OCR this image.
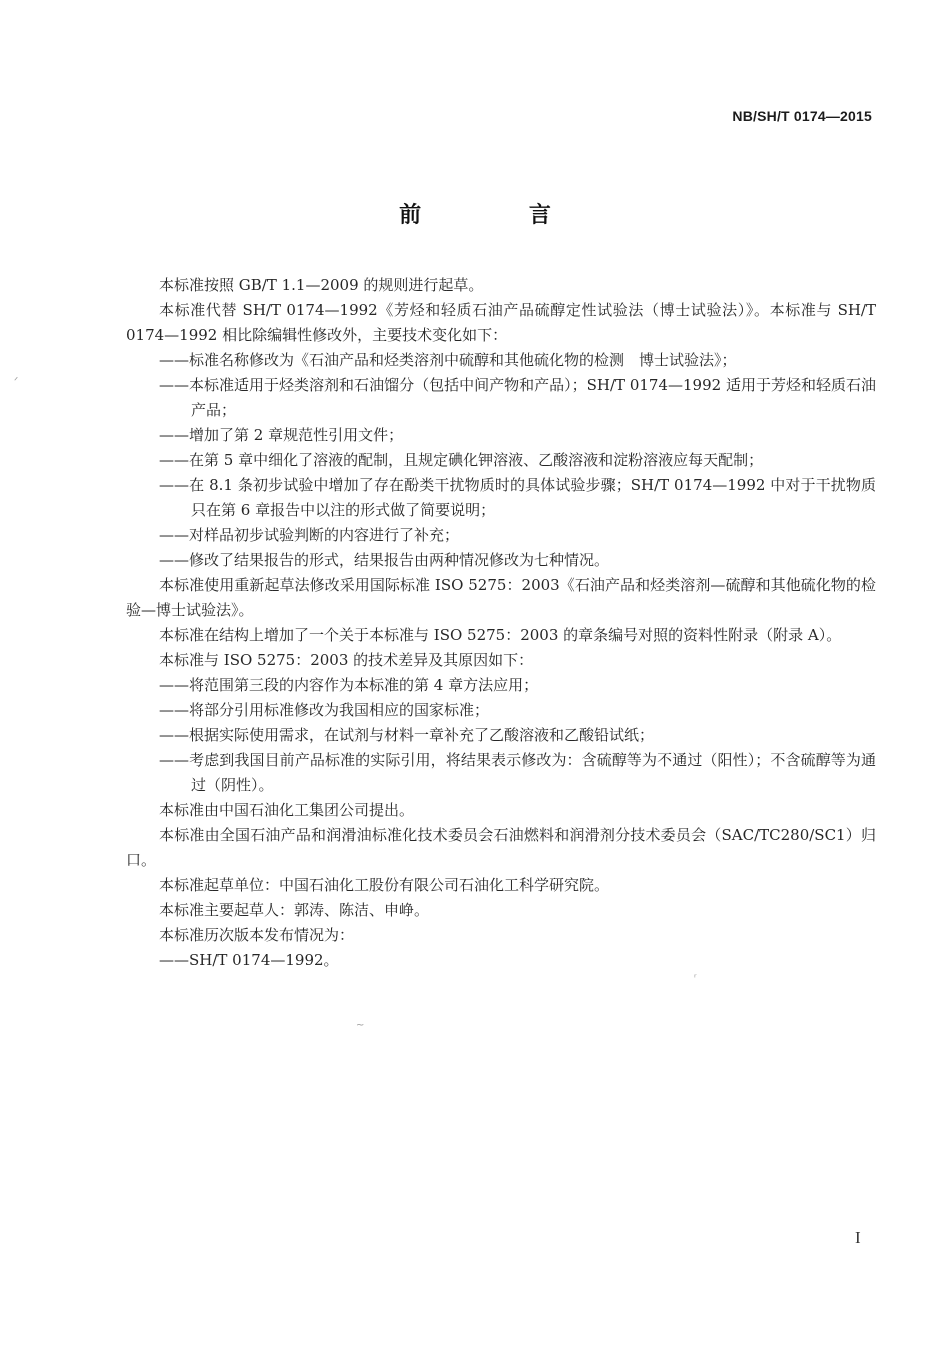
NB/SH/T 0174—2015
前 言

本标准按照 GB/T 1.1—2009 的规则进行起草。

本标准代替 SH/T 0174—1992《芳烃和轻质石油产品硫醇定性试验法（博士试验法）》。本标准与 SH/T 0174—1992 相比除编辑性修改外，主要技术变化如下：

——标准名称修改为《石油产品和烃类溶剂中硫醇和其他硫化物的检测　博士试验法》；

——本标准适用于烃类溶剂和石油馏分（包括中间产物和产品）；SH/T 0174—1992 适用于芳烃和轻质石油产品；

——增加了第 2 章规范性引用文件；

——在第 5 章中细化了溶液的配制，且规定碘化钾溶液、乙酸溶液和淀粉溶液应每天配制；

——在 8.1 条初步试验中增加了存在酚类干扰物质时的具体试验步骤；SH/T 0174—1992 中对于干扰物质只在第 6 章报告中以注的形式做了简要说明；

——对样品初步试验判断的内容进行了补充；

——修改了结果报告的形式，结果报告由两种情况修改为七种情况。

本标准使用重新起草法修改采用国际标准 ISO 5275：2003《石油产品和烃类溶剂—硫醇和其他硫化物的检验—博士试验法》。

本标准在结构上增加了一个关于本标准与 ISO 5275：2003 的章条编号对照的资料性附录（附录 A）。

本标准与 ISO 5275：2003 的技术差异及其原因如下：

——将范围第三段的内容作为本标准的第 4 章方法应用；

——将部分引用标准修改为我国相应的国家标准；

——根据实际使用需求，在试剂与材料一章补充了乙酸溶液和乙酸铅试纸；

——考虑到我国目前产品标准的实际引用，将结果表示修改为：含硫醇等为不通过（阳性）；不含硫醇等为通过（阴性）。

本标准由中国石油化工集团公司提出。

本标准由全国石油产品和润滑油标准化技术委员会石油燃料和润滑剂分技术委员会（SAC/TC280/SC1）归口。

本标准起草单位：中国石油化工股份有限公司石油化工科学研究院。

本标准主要起草人：郭涛、陈洁、申峥。

本标准历次版本发布情况为：

——SH/T 0174—1992。

I
ᐟ
ʳ
~
